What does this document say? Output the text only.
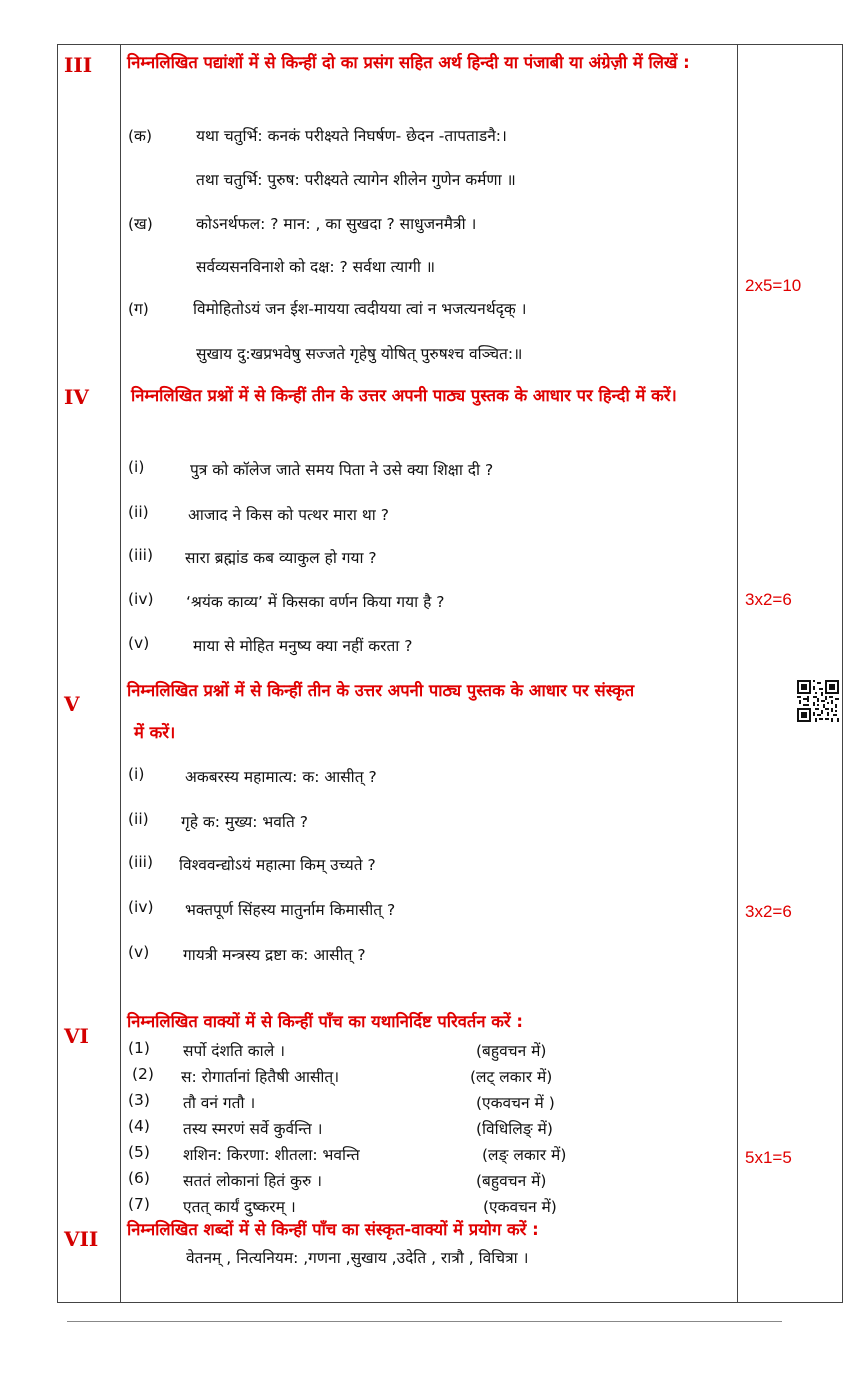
III निम्नलिखित पद्यांशों में से किन्हीं दो का प्रसंग सहित अर्थ हिन्दी या पंजाबी या अंग्रेज़ी में लिखें :
(क)	यथा चतुर्भि: कनकं परीक्ष्यते निघर्षण- छेदन -तापताडनै:।
तथा चतुर्भि: पुरुष: परीक्ष्यते त्यागेन शीलेन गुणेन कर्मणा ॥
(ख)	कोऽनर्थफल: ? मान: , का सुखदा ? साधुजनमैत्री ।
सर्वव्यसनविनाशे को दक्ष: ? सर्वथा त्यागी ॥
(ग)	विमोहितोऽयं जन ईश-मायया त्वदीयया त्वां न भजत्यनर्थदृक् ।
सुखाय दु:खप्रभवेषु सज्जते गृहेषु योषित् पुरुषश्च वञ्चित:॥
2x5=10
IV	निम्नलिखित प्रश्नों में से किन्हीं तीन के उत्तर अपनी पाठ्य पुस्तक के आधार पर हिन्दी में करें।
(i)	पुत्र को कॉलेज जाते समय पिता ने उसे क्या शिक्षा दी ?
(ii)	आजाद ने किस को पत्थर मारा था ?
(iii) सारा ब्रह्मांड कब व्याकुल हो गया ?
(iv) ‘श्रयंक काव्य’ में किसका वर्णन किया गया है ?
(v)	माया से मोहित मनुष्य क्या नहीं करता ?
3x2=6
V
निम्नलिखित प्रश्नों में से किन्हीं तीन के उत्तर अपनी पाठ्य पुस्तक के आधार पर संस्कृत
में करें।
(i)	अकबरस्य महामात्य: क: आसीत् ?
(ii) गृहे क: मुख्य: भवति ?
(iii) विश्ववन्द्योऽयं महात्मा किम् उच्यते ?
(iv) भक्तपूर्ण सिंहस्य मातुर्नाम किमासीत् ?
(v) गायत्री मन्त्रस्य द्रष्टा क: आसीत् ?
3x2=6
VI
निम्नलिखित वाक्यों में से किन्हीं पाँच का यथानिर्दिष्ट परिवर्तन करें :
(1) सर्पो दंशति काले ।	(बहुवचन में)
(2) स: रोगार्तानां हितैषी आसीत्।	(लट् लकार में)
(3) तौ वनं गतौ ।	(एकवचन में )
(4) तस्य स्मरणं सर्वे कुर्वन्ति ।	(विधिलिङ् में)
(5) शशिन: किरणा: शीतला: भवन्ति	(लङ् लकार में)
(6) सततं लोकानां हितं कुरु ।	(बहुवचन में)
(7) एतत् कार्यं दुष्करम् ।	(एकवचन में)
5x1=5
VII निम्नलिखित शब्दों में से किन्हीं पाँच का संस्कृत-वाक्यों में प्रयोग करें :
वेतनम् , नित्यनियम: ,गणना ,सुखाय ,उदेति , रात्रौ , विचित्रा ।
